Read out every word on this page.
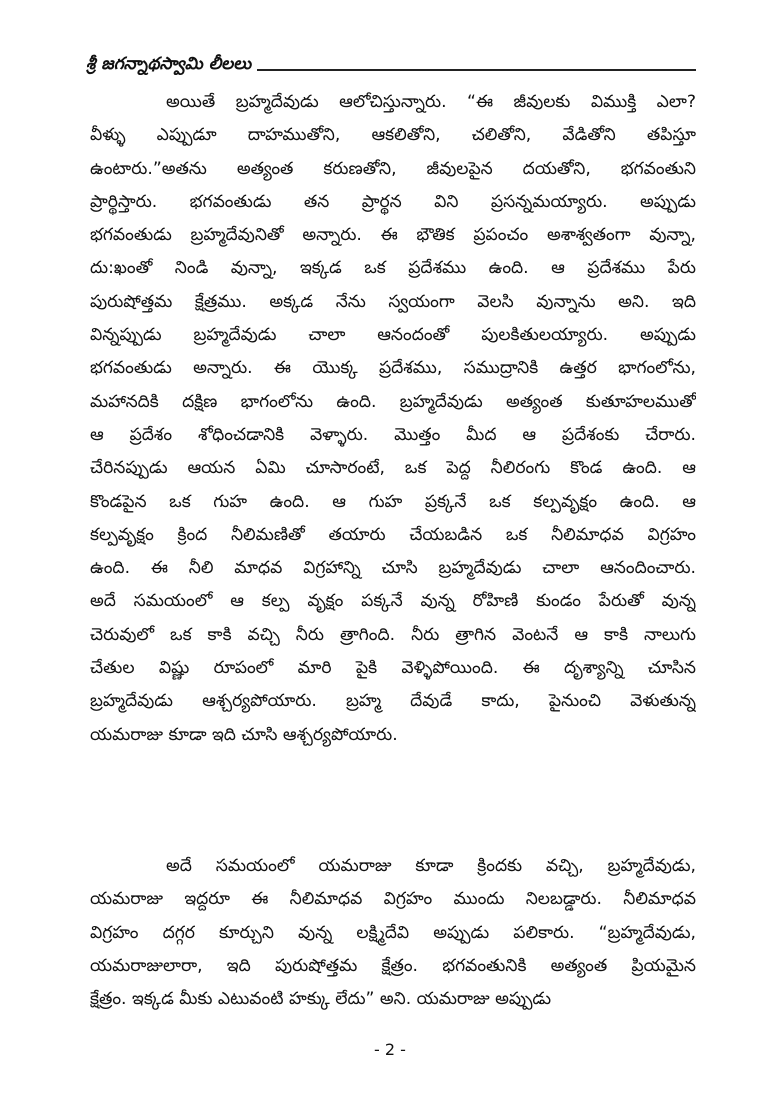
శ్రీ జగన్నాథస్వామి లీలలు
అయితే బ్రహ్మదేవుడు ఆలోచిస్తున్నారు. “ఈ జీవులకు విముక్తి ఎలా?
వీళ్ళు ఎప్పుడూ దాహముతోని, ఆకలితోని, చలితోని, వేడితోని తపిస్తూ
ఉంటారు.”అతను అత్యంత కరుణతోని, జీవులపైన దయతోని, భగవంతుని
ప్రార్థిస్తారు. భగవంతుడు తన ప్రార్థన విని ప్రసన్నమయ్యారు. అప్పుడు
భగవంతుడు బ్రహ్మదేవునితో అన్నారు. ఈ భౌతిక ప్రపంచం అశాశ్వతంగా వున్నా,
దు:ఖంతో నిండి వున్నా, ఇక్కడ ఒక ప్రదేశము ఉంది. ఆ ప్రదేశము పేరు
పురుషోత్తమ క్షేత్రము. అక్కడ నేను స్వయంగా వెలసి వున్నాను అని. ఇది
విన్నప్పుడు బ్రహ్మదేవుడు చాలా ఆనందంతో పులకితులయ్యారు. అప్పుడు
భగవంతుడు అన్నారు. ఈ యొక్క ప్రదేశము, సముద్రానికి ఉత్తర భాగంలోను,
మహానదికి దక్షిణ భాగంలోను ఉంది. బ్రహ్మదేవుడు అత్యంత కుతూహలముతో
ఆ ప్రదేశం శోధించడానికి వెళ్ళారు. మొత్తం మీద ఆ ప్రదేశంకు చేరారు.
చేరినప్పుడు ఆయన ఏమి చూసారంటే, ఒక పెద్ద నీలిరంగు కొండ ఉంది. ఆ
కొండపైన ఒక గుహ ఉంది. ఆ గుహ ప్రక్కనే ఒక కల్పవృక్షం ఉంది. ఆ
కల్పవృక్షం క్రింద నీలిమణితో తయారు చేయబడిన ఒక నీలిమాధవ విగ్రహం
ఉంది. ఈ నీలి మాధవ విగ్రహాన్ని చూసి బ్రహ్మదేవుడు చాలా ఆనందించారు.
అదే సమయంలో ఆ కల్ప వృక్షం పక్కనే వున్న రోహిణి కుండం పేరుతో వున్న
చెరువులో ఒక కాకి వచ్చి నీరు త్రాగింది. నీరు త్రాగిన వెంటనే ఆ కాకి నాలుగు
చేతుల విష్ణు రూపంలో మారి పైకి వెళ్ళిపోయింది. ఈ దృశ్యాన్ని చూసిన
బ్రహ్మదేవుడు ఆశ్చర్యపోయారు. బ్రహ్మ దేవుడే కాదు, పైనుంచి వెళుతున్న
యమరాజు కూడా ఇది చూసి ఆశ్చర్యపోయారు.
అదే సమయంలో యమరాజు కూడా క్రిందకు వచ్చి, బ్రహ్మదేవుడు,
యమరాజు ఇద్దరూ ఈ నీలిమాధవ విగ్రహం ముందు నిలబడ్డారు. నీలిమాధవ
విగ్రహం దగ్గర కూర్చుని వున్న లక్ష్మిదేవి అప్పుడు పలికారు. “బ్రహ్మదేవుడు,
యమరాజులారా, ఇది పురుషోత్తమ క్షేత్రం. భగవంతునికి అత్యంత ప్రియమైన
క్షేత్రం. ఇక్కడ మీకు ఎటువంటి హక్కు లేదు” అని. యమరాజు అప్పుడు
- 2 -
